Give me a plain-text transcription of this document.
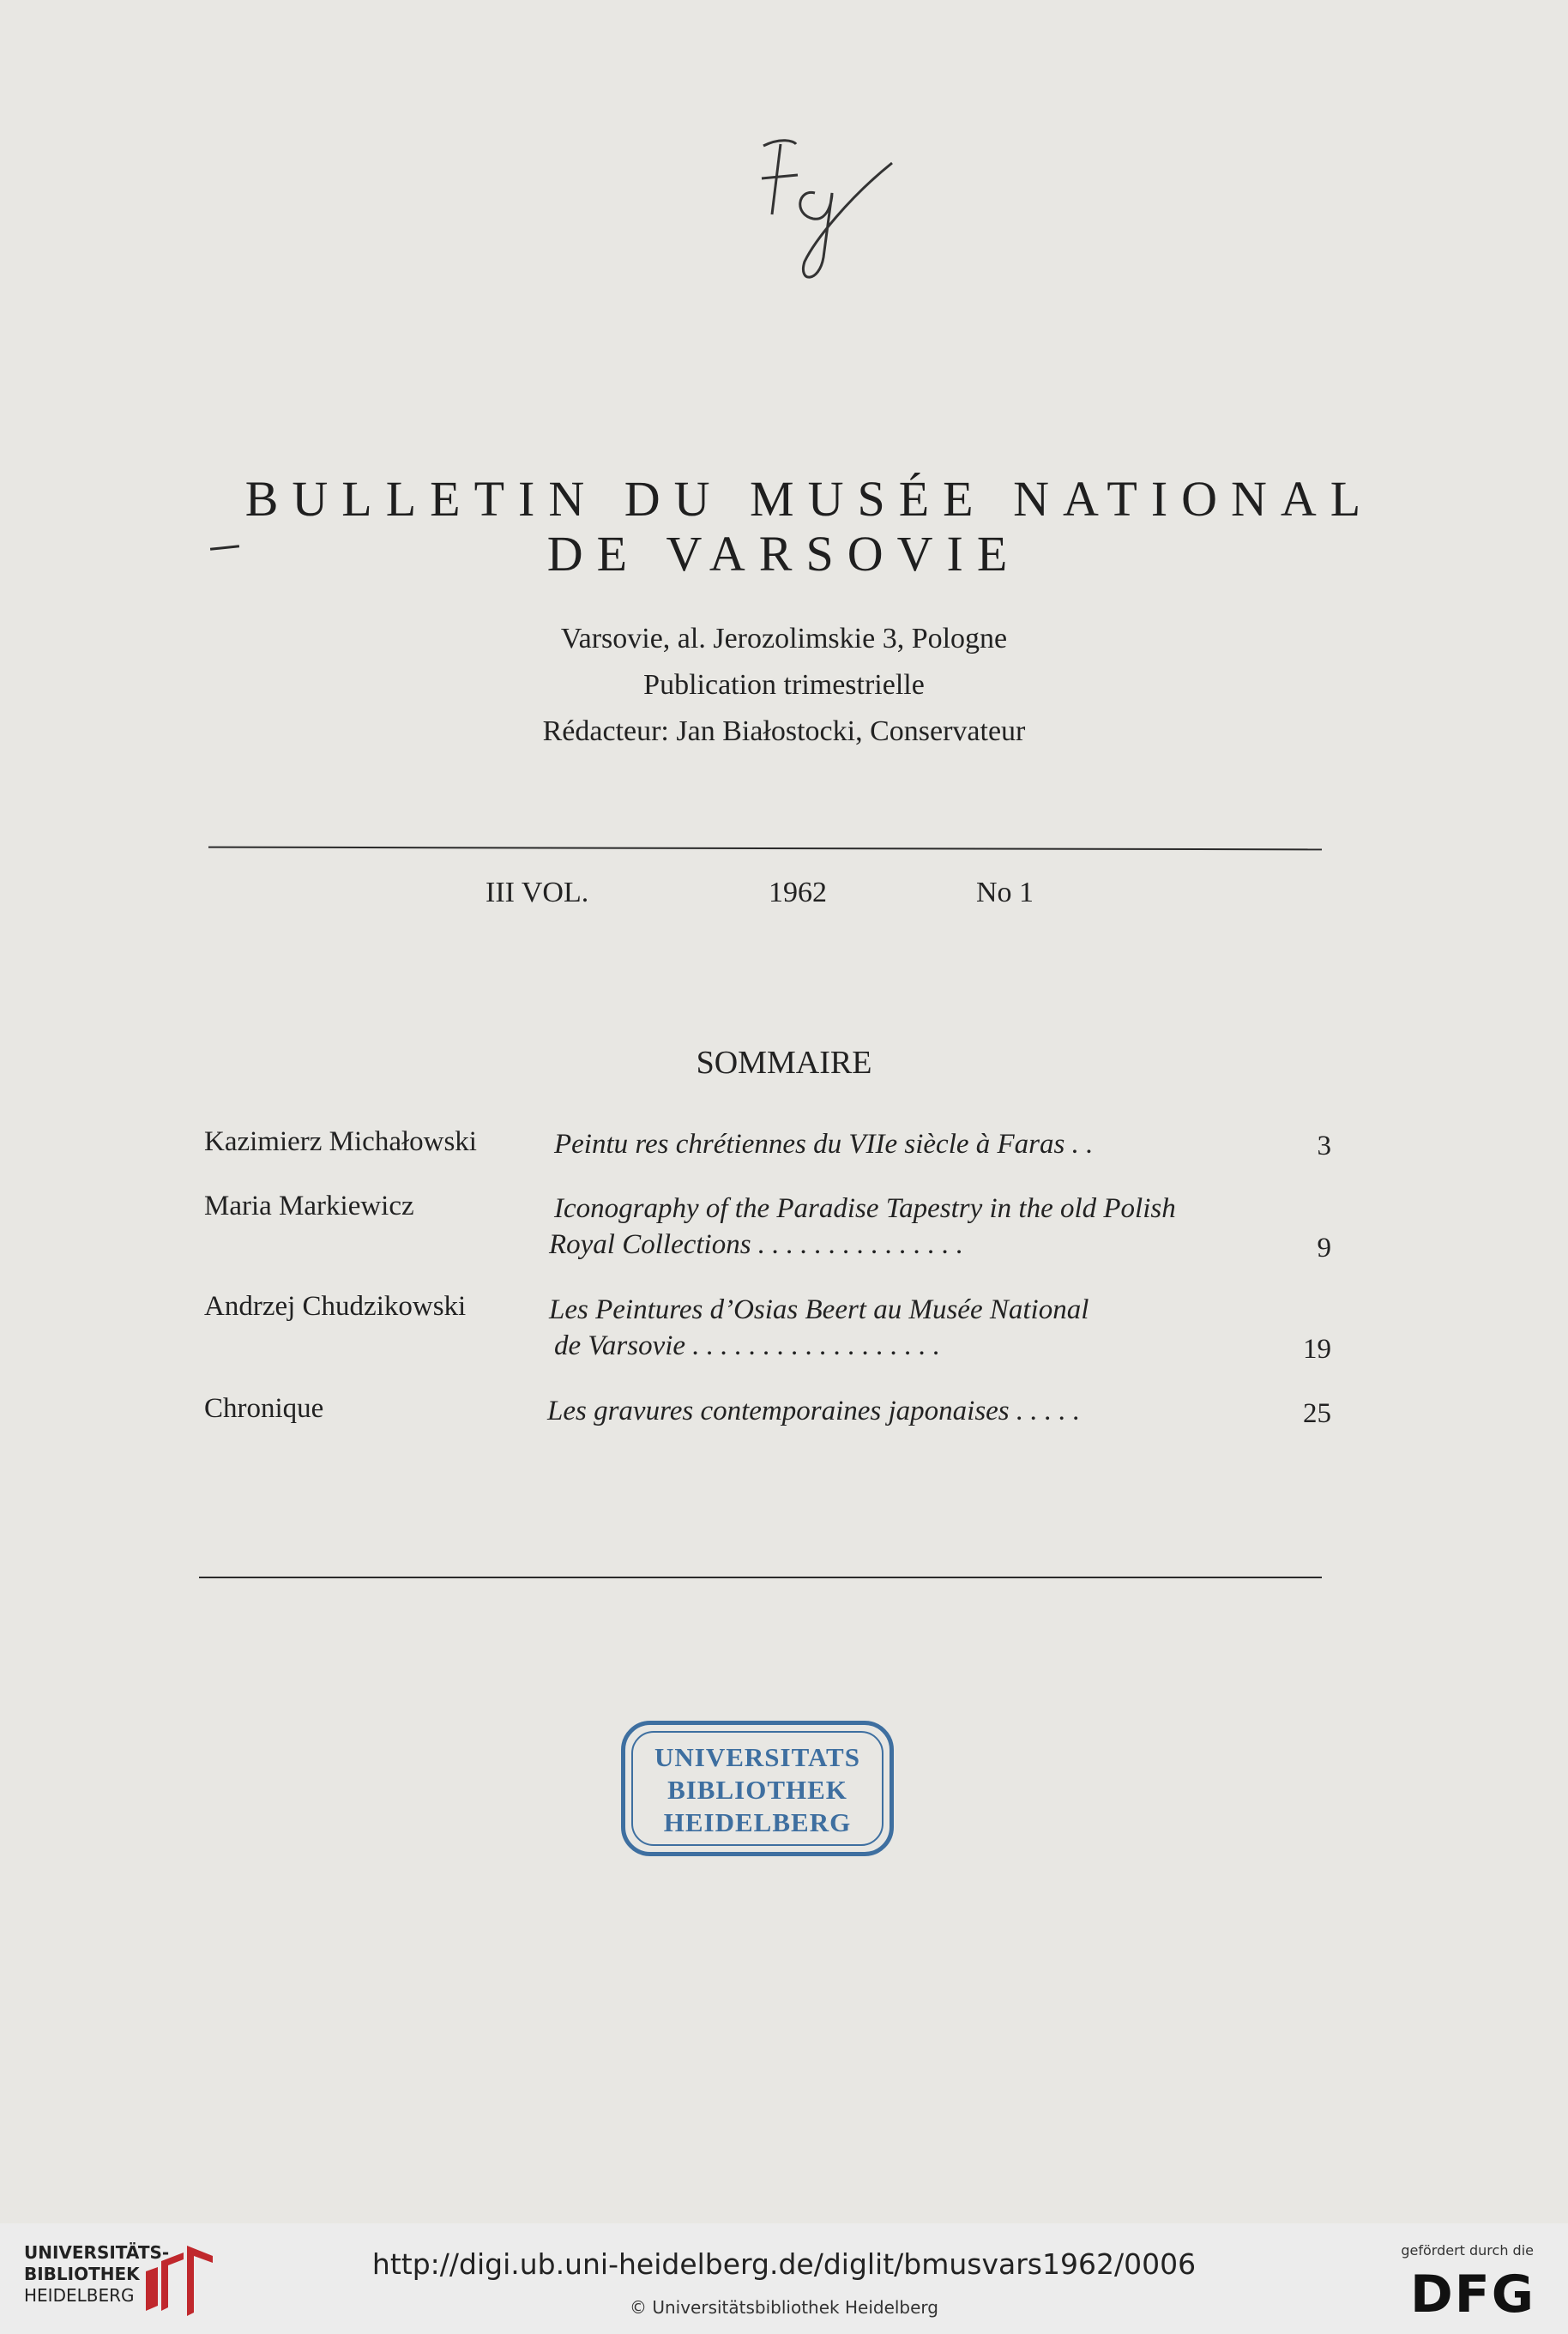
BULLETIN DU MUSÉE NATIONAL
DE VARSOVIE
Varsovie, al. Jerozolimskie 3, Pologne
Publication trimestrielle
Rédacteur: Jan Białostocki, Conservateur
III VOL.	1962	No 1
SOMMAIRE
Kazimierz Michałowski	Peintu res chrétiennes du VIIe siècle à Faras . .	3
Maria Markiewicz	Iconography of the Paradise Tapestry in the old Polish
Royal Collections . . . . . . . . . . . . . . .	9
Andrzej Chudzikowski	Les Peintures d’Osias Beert au Musée National
de Varsovie . . . . . . . . . . . . . . . . . .	19
Chronique	Les gravures contemporaines japonaises . . . . .	25
UNIVERSITATS
BIBLIOTHEK
HEIDELBERG
UNIVERSITÄTS-
BIBLIOTHEK
HEIDELBERG
http://digi.ub.uni-heidelberg.de/diglit/bmusvars1962/0006
© Universitätsbibliothek Heidelberg
gefördert durch die
DFG
